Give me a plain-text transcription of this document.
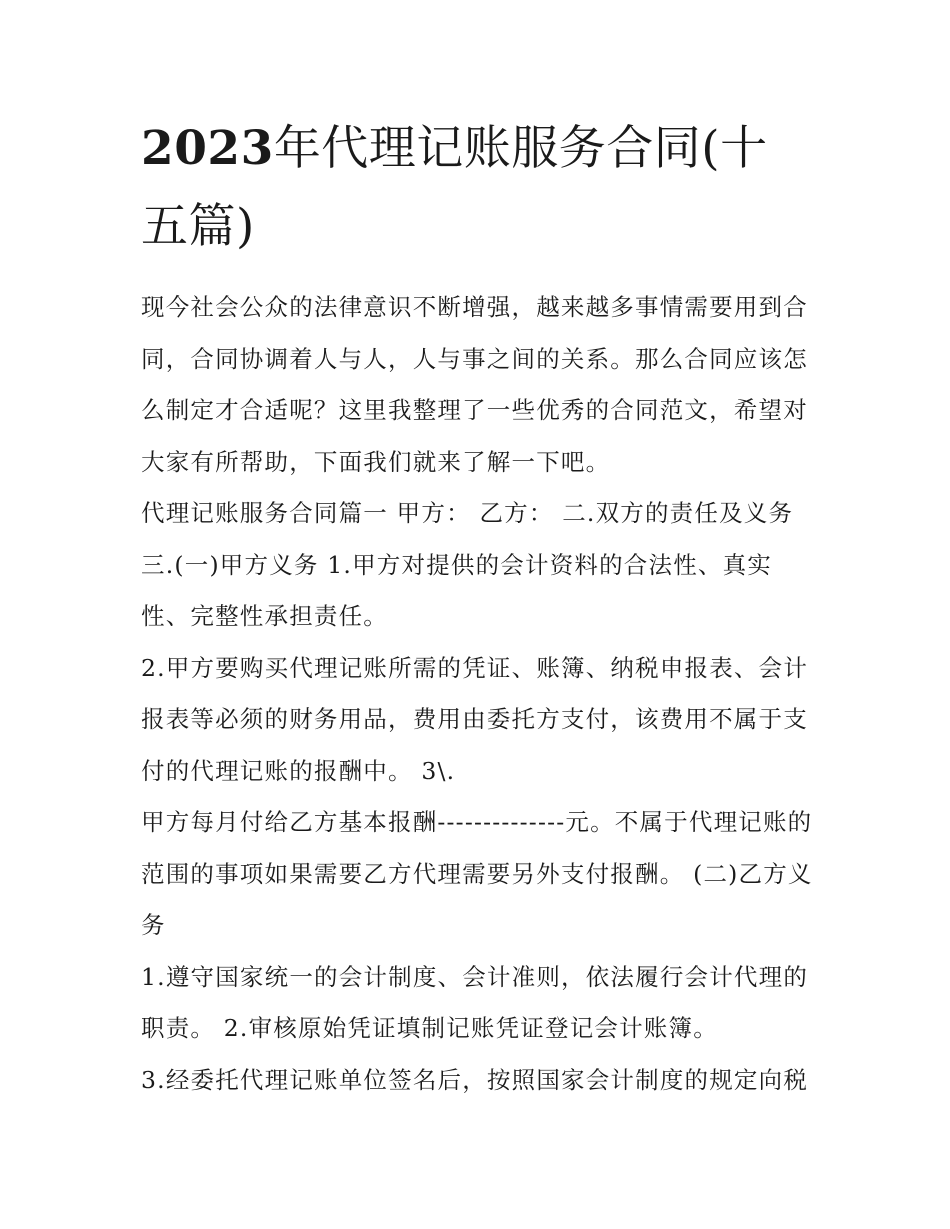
2023年代理记账服务合同(十五篇)

现今社会公众的法律意识不断增强，越来越多事情需要用到合同，合同协调着人与人，人与事之间的关系。那么合同应该怎么制定才合适呢？这里我整理了一些优秀的合同范文，希望对大家有所帮助，下面我们就来了解一下吧。

代理记账服务合同篇一 甲方： 乙方： 二.双方的责任及义务 三.(一)甲方义务 1.甲方对提供的会计资料的合法性、真实性、完整性承担责任。

2.甲方要购买代理记账所需的凭证、账簿、纳税申报表、会计报表等必须的财务用品，费用由委托方支付，该费用不属于支付的代理记账的报酬中。 3\.

甲方每月付给乙方基本报酬--------------元。不属于代理记账的范围的事项如果需要乙方代理需要另外支付报酬。 (二)乙方义务

1.遵守国家统一的会计制度、会计准则，依法履行会计代理的职责。 2.审核原始凭证填制记账凭证登记会计账簿。

3.经委托代理记账单位签名后，按照国家会计制度的规定向税
